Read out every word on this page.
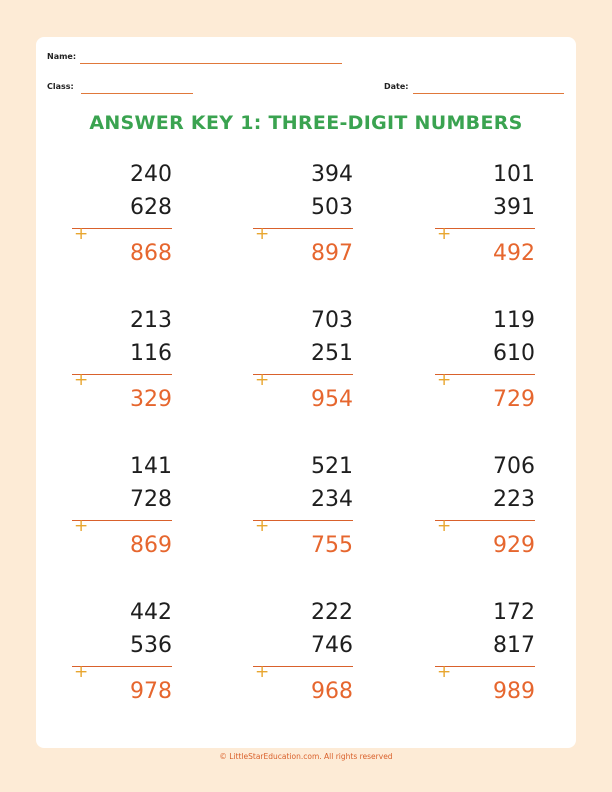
Name:
Class:	Date:
ANSWER KEY 1: THREE-DIGIT NUMBERS
240
628
+
868
394
503
+
897
101
391
+
492
213
116
+
329
703
251
+
954
119
610
+
729
141
728
+
869
521
234
+
755
706
223
+
929
442
536
+
978
222
746
+
968
172
817
+
989
© LittleStarEducation.com. All rights reserved
